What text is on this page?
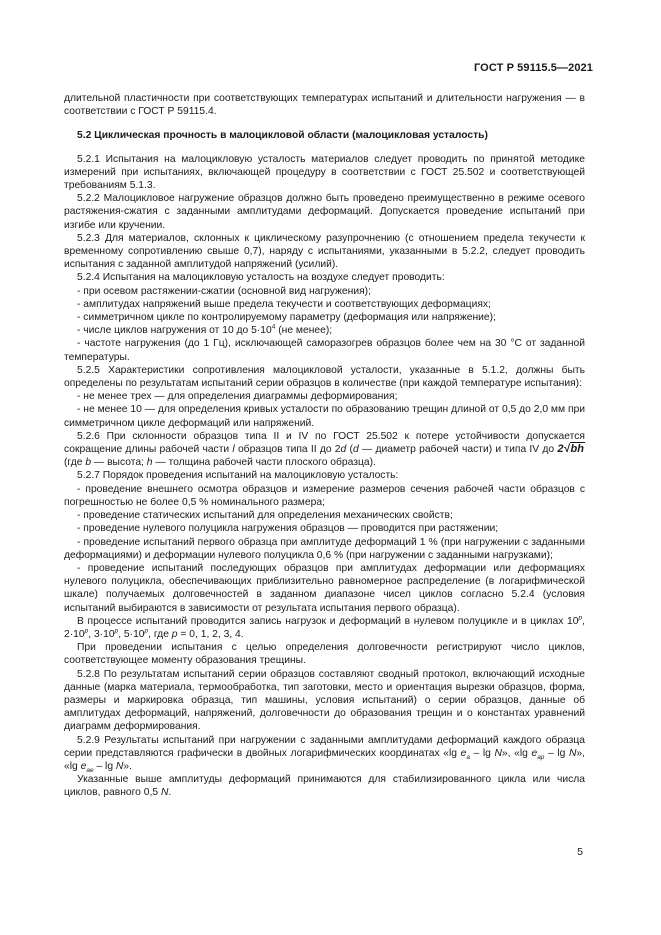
ГОСТ Р 59115.5—2021

длительной пластичности при соответствующих температурах испытаний и длительности нагружения — в соответствии с ГОСТ Р 59115.4.

5.2 Циклическая прочность в малоцикловой области (малоцикловая усталость)

5.2.1 Испытания на малоцикловую усталость материалов следует проводить по принятой методике измерений при испытаниях, включающей процедуру в соответствии с ГОСТ 25.502 и соответствующей требованиям 5.1.3.

5.2.2 Малоцикловое нагружение образцов должно быть проведено преимущественно в режиме осевого растяжения-сжатия с заданными амплитудами деформаций. Допускается проведение испытаний при изгибе или кручении.

5.2.3 Для материалов, склонных к циклическому разупрочнению (с отношением предела текучести к временному сопротивлению свыше 0,7), наряду с испытаниями, указанными в 5.2.2, следует проводить испытания с заданной амплитудой напряжений (усилий).

5.2.4 Испытания на малоцикловую усталость на воздухе следует проводить:

- при осевом растяжении-сжатии (основной вид нагружения);

- амплитудах напряжений выше предела текучести и соответствующих деформациях;

- симметричном цикле по контролируемому параметру (деформация или напряжение);

- числе циклов нагружения от 10 до $5\cdot 10^4$ (не менее);

- частоте нагружения (до 1 Гц), исключающей саморазогрев образцов более чем на 30 °C от заданной температуры.

5.2.5 Характеристики сопротивления малоцикловой усталости, указанные в 5.1.2, должны быть определены по результатам испытаний серии образцов в количестве (при каждой температуре испытания):

- не менее трех — для определения диаграммы деформирования;

- не менее 10 — для определения кривых усталости по образованию трещин длиной от 0,5 до 2,0 мм при симметричном цикле деформаций или напряжений.

5.2.6 При склонности образцов типа II и IV по ГОСТ 25.502 к потере устойчивости допускается сокращение длины рабочей части l образцов типа II до 2d (d — диаметр рабочей части) и типа IV до 2√bh (где b — высота; h — толщина рабочей части плоского образца).

5.2.7 Порядок проведения испытаний на малоцикловую усталость:

- проведение внешнего осмотра образцов и измерение размеров сечения рабочей части образцов с погрешностью не более 0,5 % номинального размера;

- проведение статических испытаний для определения механических свойств;

- проведение нулевого полуцикла нагружения образцов — проводится при растяжении;

- проведение испытаний первого образца при амплитуде деформаций 1 % (при нагружении с заданными деформациями) и деформации нулевого полуцикла 0,6 % (при нагружении с заданными нагрузками);

- проведение испытаний последующих образцов при амплитудах деформации или деформациях нулевого полуцикла, обеспечивающих приблизительно равномерное распределение (в логарифмической шкале) получаемых долговечностей в заданном диапазоне чисел циклов согласно 5.2.4 (условия испытаний выбираются в зависимости от результата испытания первого образца).

В процессе испытаний проводится запись нагрузок и деформаций в нулевом полуцикле и в циклах 10$^p$, $2\cdot 10^p$, $3\cdot 10^p$, $5\cdot 10^p$, где p = 0, 1, 2, 3, 4.

При проведении испытания с целью определения долговечности регистрируют число циклов, соответствующее моменту образования трещины.

5.2.8 По результатам испытаний серии образцов составляют сводный протокол, включающий исходные данные (марка материала, термообработка, тип заготовки, место и ориентация вырезки образцов, форма, размеры и маркировка образца, тип машины, условия испытаний) о серии образцов, данные об амплитудах деформаций, напряжений, долговечности до образования трещин и о константах уравнений диаграмм деформирования.

5.2.9 Результаты испытаний при нагружении с заданными амплитудами деформаций каждого образца серии представляются графически в двойных логарифмических координатах «lg $e_a$ – lg N», «lg $e_{ap}$ – lg N», «lg $e_{ae}$ – lg N».

Указанные выше амплитуды деформаций принимаются для стабилизированного цикла или числа циклов, равного 0,5 N.

5
